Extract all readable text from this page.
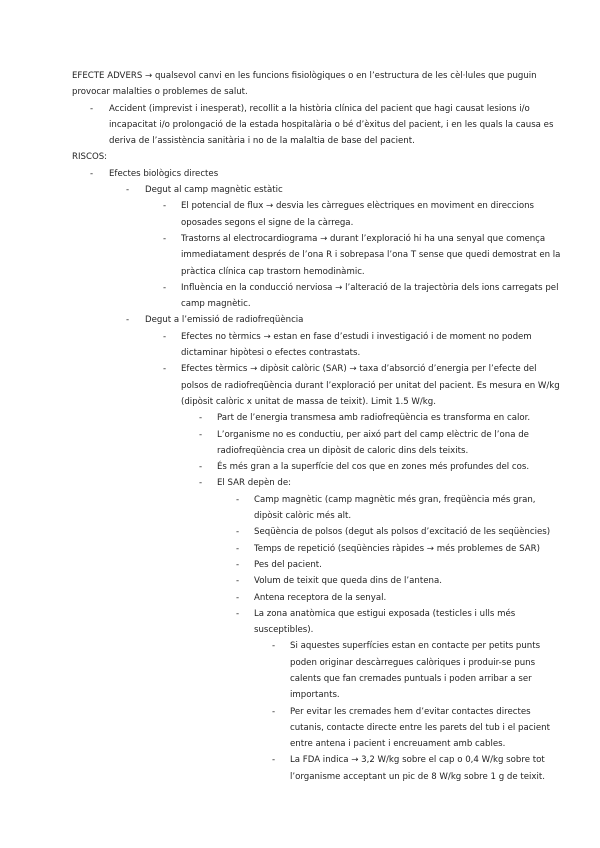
EFECTE ADVERS → qualsevol canvi en les funcions fisiològiques o en l’estructura de les cèl·lules que puguin provocar malalties o problemes de salut.
- Accident (imprevist i inesperat), recollit a la història clínica del pacient que hagi causat lesions i/o incapacitat i/o prolongació de la estada hospitalària o bé d’èxitus del pacient, i en les quals la causa es deriva de l’assistència sanitària i no de la malaltia de base del pacient.
RISCOS:
- Efectes biològics directes
- Degut al camp magnètic estàtic
- El potencial de flux → desvia les càrregues elèctriques en moviment en direccions oposades segons el signe de la càrrega.
- Trastorns al electrocardiograma → durant l’exploració hi ha una senyal que comença immediatament després de l’ona R i sobrepasa l’ona T sense que quedi demostrat en la pràctica clínica cap trastorn hemodinàmic.
- Influència en la conducció nerviosa → l’alteració de la trajectòria dels ions carregats pel camp magnètic.
- Degut a l’emissió de radiofreqüència
- Efectes no tèrmics → estan en fase d’estudi i investigació i de moment no podem dictaminar hipòtesi o efectes contrastats.
- Efectes tèrmics → dipòsit calòric (SAR) → taxa d’absorció d’energia per l’efecte del polsos de radiofreqüència durant l’exploració per unitat del pacient. Es mesura en W/kg (dipòsit calòric x unitat de massa de teixit). Limit 1.5 W/kg.
- Part de l’energia transmesa amb radiofreqüència es transforma en calor.
- L’organisme no es conductiu, per aixó part del camp elèctric de l’ona de radiofreqüència crea un dipòsit de caloric dins dels teixits.
- És més gran a la superfície del cos que en zones més profundes del cos.
- El SAR depèn de:
- Camp magnètic (camp magnètic més gran, freqüència més gran, dipòsit calòric més alt.
- Seqüència de polsos (degut als polsos d’excitació de les seqüències)
- Temps de repetició (seqüències ràpides → més problemes de SAR)
- Pes del pacient.
- Volum de teixit que queda dins de l’antena.
- Antena receptora de la senyal.
- La zona anatòmica que estigui exposada (testicles i ulls més susceptibles).
- Si aquestes superfícies estan en contacte per petits punts poden originar descàrregues calòriques i produir-se puns calents que fan cremades puntuals i poden arribar a ser importants.
- Per evitar les cremades hem d’evitar contactes directes cutanis, contacte directe entre les parets del tub i el pacient entre antena i pacient i encreuament amb cables.
- La FDA indica → 3,2 W/kg sobre el cap o 0,4 W/kg sobre tot l’organisme acceptant un pic de 8 W/kg sobre 1 g de teixit.
